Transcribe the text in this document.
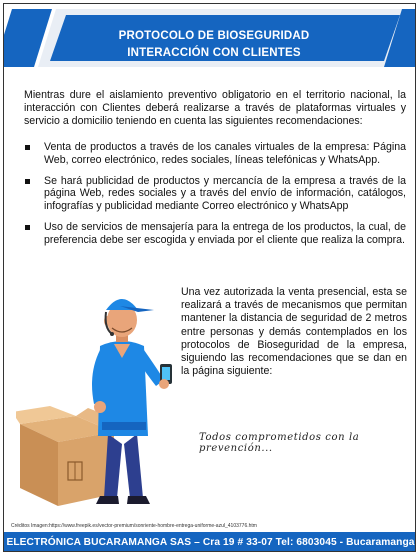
PROTOCOLO DE BIOSEGURIDAD
INTERACCIÓN CON CLIENTES

Mientras dure el aislamiento preventivo obligatorio en el territorio nacional, la interacción con Clientes deberá realizarse a través de plataformas virtuales y servicio a domicilio teniendo en cuenta las siguientes recomendaciones:

Venta de productos a través de los canales virtuales de la empresa: Página Web, correo electrónico, redes sociales, líneas telefónicas y WhatsApp.
Se hará publicidad de productos y mercancía de la empresa a través de la página Web, redes sociales y a través del envío de información, catálogos, infografías y publicidad mediante Correo electrónico y WhatsApp
Uso de servicios de mensajería para la entrega de los productos, la cual, de preferencia debe ser escogida y enviada por el cliente que realiza la compra.

Una vez autorizada la venta presencial, esta se realizará a través de mecanismos que permitan mantener la distancia de seguridad de 2 metros entre personas y demás contemplados en los protocolos de Bioseguridad de la empresa, siguiendo las recomendaciones que se dan en la página siguiente:

Todos comprometidos con la prevención...
Créditos Imagen:https://www.freepik.es/vector-premium/sonriente-hombre-entrega-uniforme-azul_4103776.htm
ELECTRÓNICA BUCARAMANGA SAS – Cra 19 # 33-07 Tel: 6803045 - Bucaramanga
